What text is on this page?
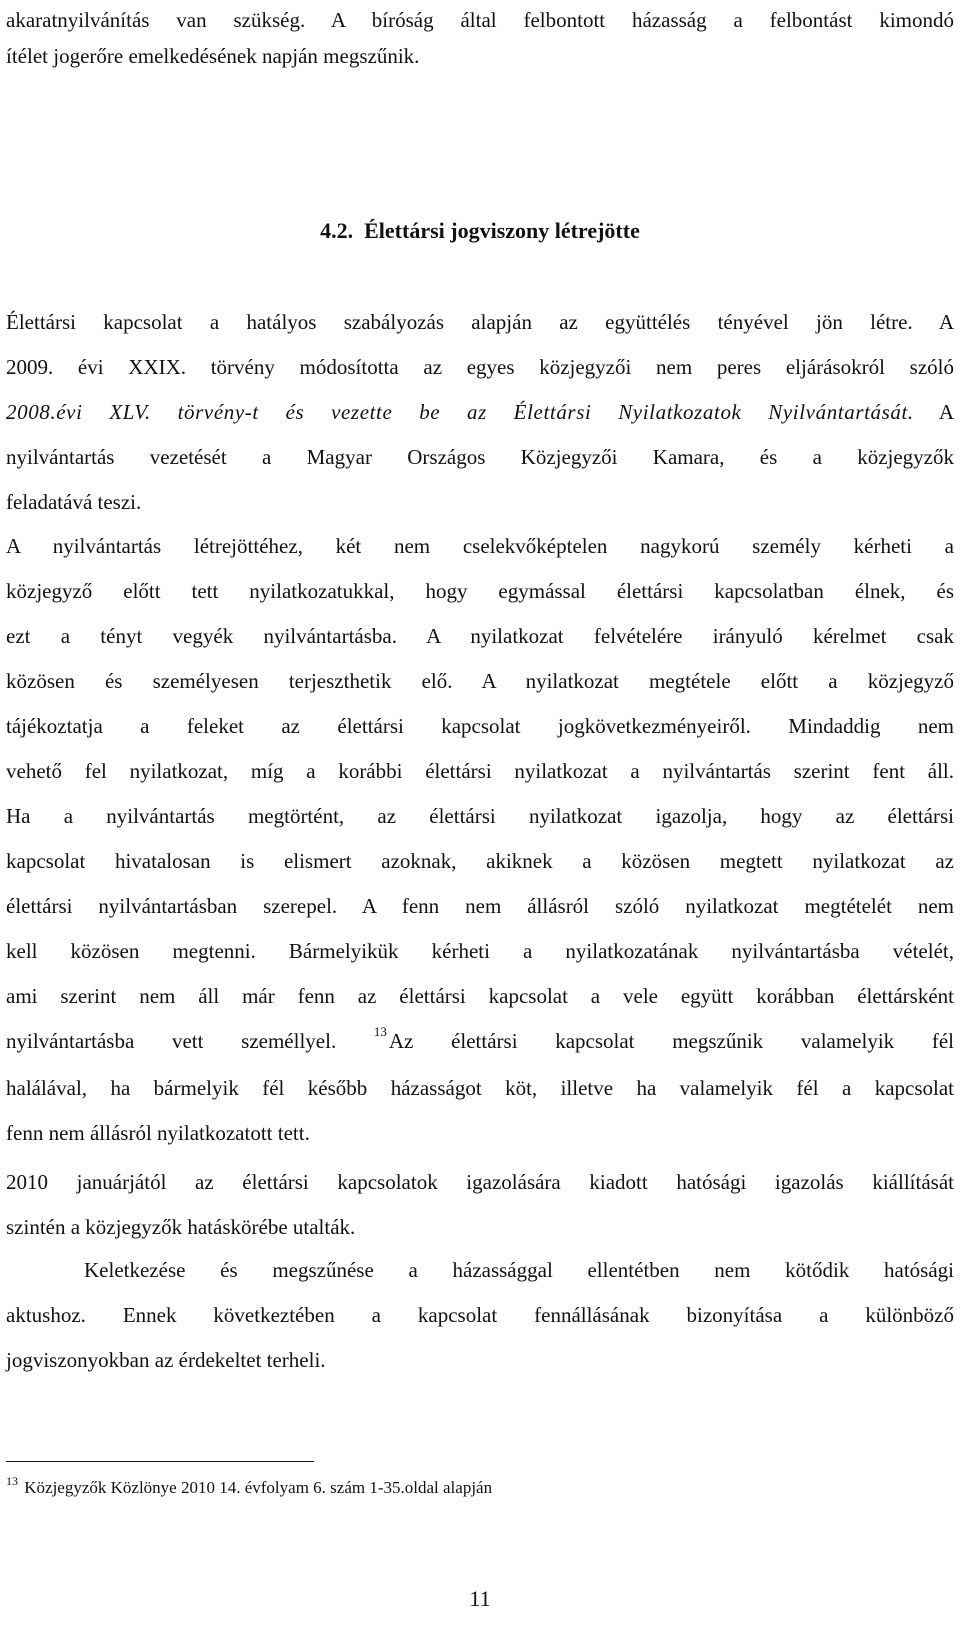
akaratnyilvánítás van szükség. A bíróság által felbontott házasság a felbontást kimondó

ítélet jogerőre emelkedésének napján megszűnik.

4.2. Élettársi jogviszony létrejötte

Élettársi kapcsolat a hatályos szabályozás alapján az együttélés tényével jön létre. A

2009. évi XXIX. törvény módosította az egyes közjegyzői nem peres eljárásokról szóló

2008.évi XLV. törvény-t és vezette be az Élettársi Nyilatkozatok Nyilvántartását. A

nyilvántartás vezetését a Magyar Országos Közjegyzői Kamara, és a közjegyzők

feladatává teszi.

A nyilvántartás létrejöttéhez, két nem cselekvőképtelen nagykorú személy kérheti a

közjegyző előtt tett nyilatkozatukkal, hogy egymással élettársi kapcsolatban élnek, és

ezt a tényt vegyék nyilvántartásba. A nyilatkozat felvételére irányuló kérelmet csak

közösen és személyesen terjeszthetik elő. A nyilatkozat megtétele előtt a közjegyző

tájékoztatja a feleket az élettársi kapcsolat jogkövetkezményeiről. Mindaddig nem

vehető fel nyilatkozat, míg a korábbi élettársi nyilatkozat a nyilvántartás szerint fent áll.

Ha a nyilvántartás megtörtént, az élettársi nyilatkozat igazolja, hogy az élettársi

kapcsolat hivatalosan is elismert azoknak, akiknek a közösen megtett nyilatkozat az

élettársi nyilvántartásban szerepel. A fenn nem állásról szóló nyilatkozat megtételét nem

kell közösen megtenni. Bármelyikük kérheti a nyilatkozatának nyilvántartásba vételét,

ami szerint nem áll már fenn az élettársi kapcsolat a vele együtt korábban élettársként

nyilvántartásba vett személlyel.	$^{13}$Az élettársi kapcsolat megszűnik valamelyik fél

halálával, ha bármelyik fél később házasságot köt, illetve ha valamelyik fél a kapcsolat

fenn nem állásról nyilatkozatott tett.

2010 januárjától az élettársi kapcsolatok igazolására kiadott hatósági igazolás kiállítását

szintén a közjegyzők hatáskörébe utalták.

Keletkezése és megszűnése a házassággal ellentétben nem kötődik hatósági

aktushoz. Ennek következtében a kapcsolat fennállásának bizonyítása a különböző

jogviszonyokban az érdekeltet terheli.

$^{13}$ Közjegyzők Közlönye 2010 14. évfolyam 6. szám 1-35.oldal alapján
11
